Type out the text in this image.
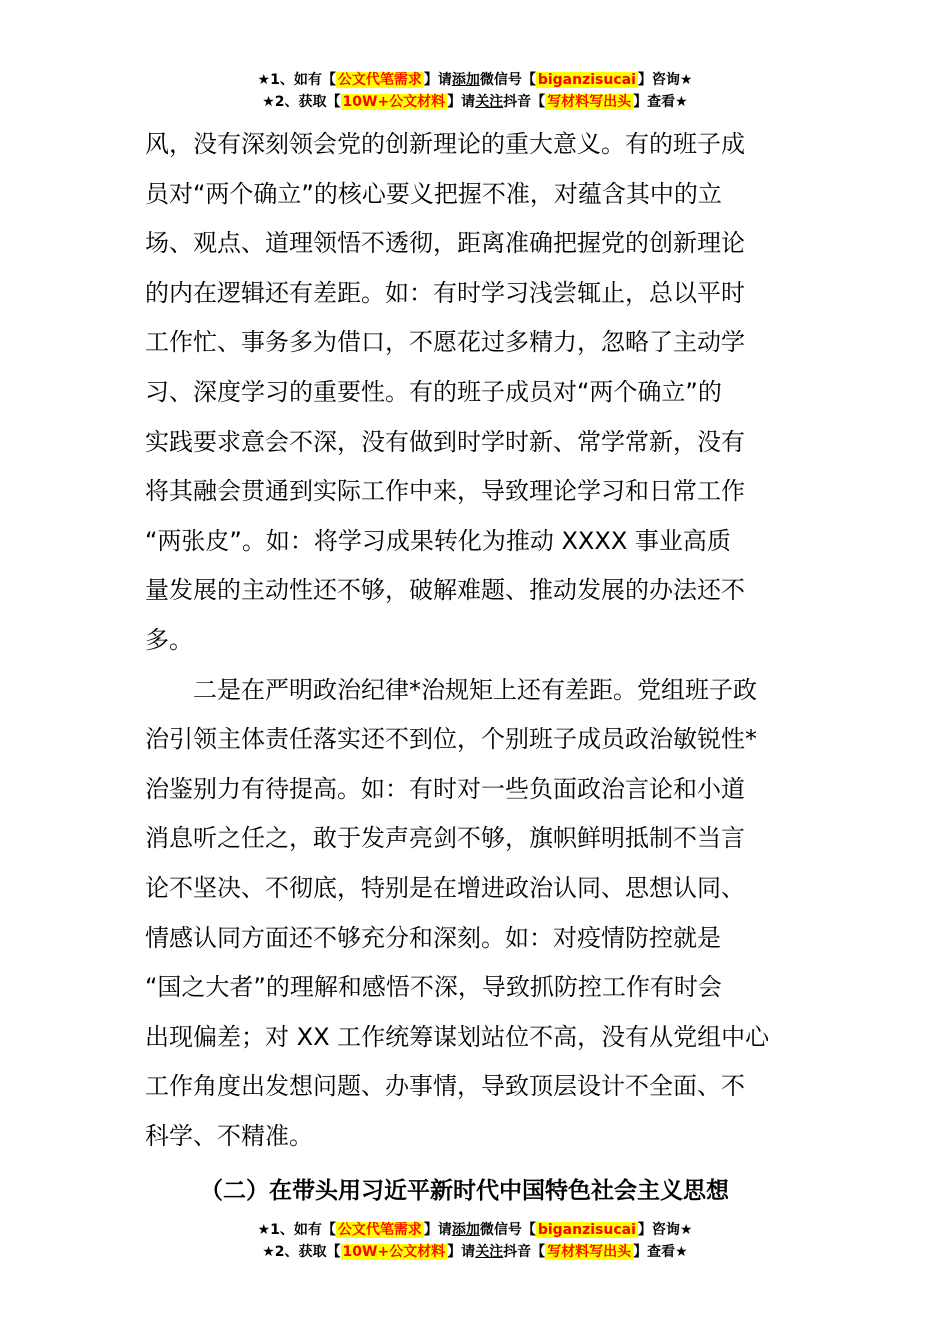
★1、如有【 公文代笔需求 】请添加微信号【 biganzisucai 】咨询★
★2、获取【 10W+公文材料 】请关注抖音【 写材料写出头 】查看★
风，没有深刻领会党的创新理论的重大意义。有的班子成
员对“两个确立”的核心要义把握不准，对蕴含其中的立
场、观点、道理领悟不透彻，距离准确把握党的创新理论
的内在逻辑还有差距。如：有时学习浅尝辄止，总以平时
工作忙、事务多为借口，不愿花过多精力，忽略了主动学
习、深度学习的重要性。有的班子成员对“两个确立”的
实践要求意会不深，没有做到时学时新、常学常新，没有
将其融会贯通到实际工作中来，导致理论学习和日常工作
“两张皮”。如：将学习成果转化为推动 XXXX 事业高质
量发展的主动性还不够，破解难题、推动发展的办法还不
多。
二是在严明政治纪律*治规矩上还有差距。党组班子政
治引领主体责任落实还不到位，个别班子成员政治敏锐性*
治鉴别力有待提高。如：有时对一些负面政治言论和小道
消息听之任之，敢于发声亮剑不够，旗帜鲜明抵制不当言
论不坚决、不彻底，特别是在增进政治认同、思想认同、
情感认同方面还不够充分和深刻。如：对疫情防控就是
“国之大者”的理解和感悟不深，导致抓防控工作有时会
出现偏差；对 XX 工作统筹谋划站位不高，没有从党组中心
工作角度出发想问题、办事情，导致顶层设计不全面、不
科学、不精准。
（二）在带头用习近平新时代中国特色社会主义思想
★1、如有【 公文代笔需求 】请添加微信号【 biganzisucai 】咨询★
★2、获取【 10W+公文材料 】请关注抖音【 写材料写出头 】查看★
